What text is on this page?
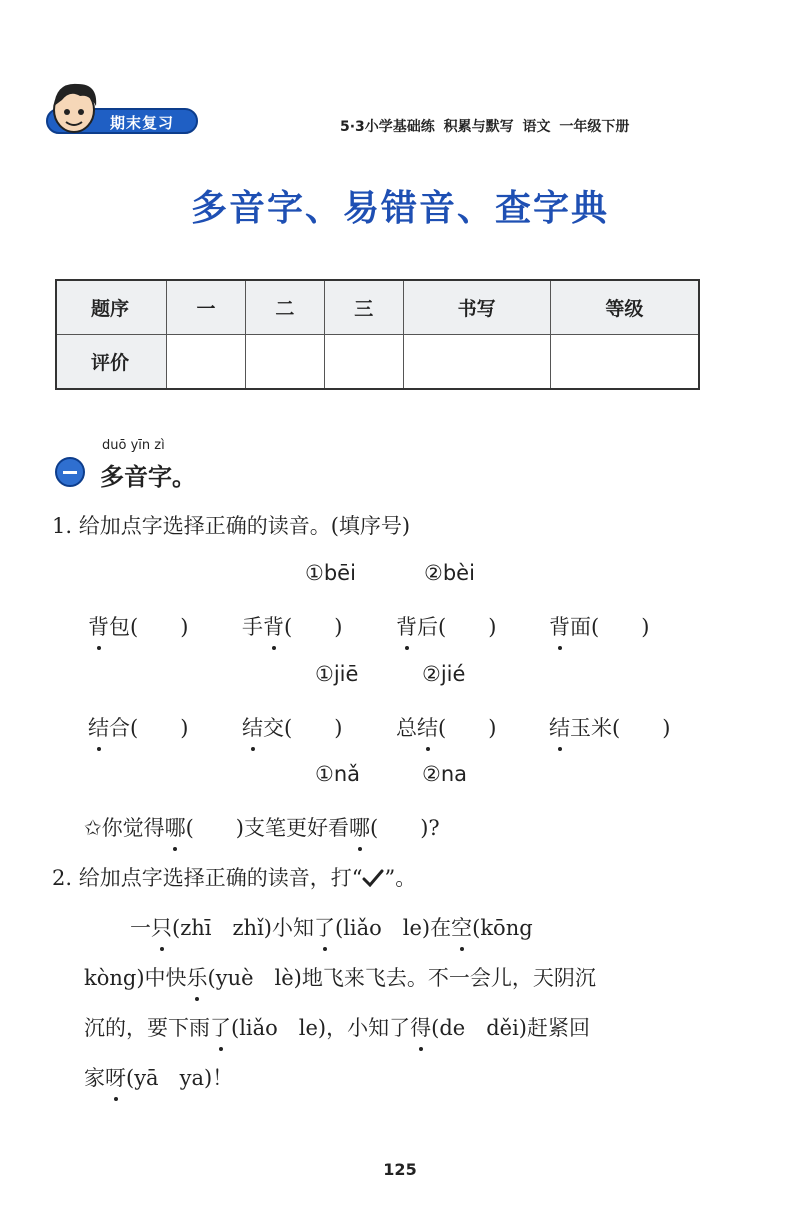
期末复习	5·3小学基础练 积累与默写 语文 一年级下册
多音字、易错音、查字典
题序	一	二	三	书写	等级
评价					
duō yīn zì
多音字。
1. 给加点字选择正确的读音。(填序号)
①bēi	②bèi
背包(　　)	手背(　　)	背后(　　)	背面(　　)
①jiē	②jié
结合(　　)	结交(　　)	总结(　　)	结玉米(　　)
①nǎ	②na
✩你觉得哪(　　)支笔更好看哪(　　)?
2. 给加点字选择正确的读音，打“ ”。
一只(zhī　zhǐ)小知了(liǎo　le)在空(kōng
kòng)中快乐(yuè　lè)地飞来飞去。不一会儿，天阴沉
沉的，要下雨了(liǎo　le)，小知了得(de　děi)赶紧回
家呀(yā　ya)！
125
